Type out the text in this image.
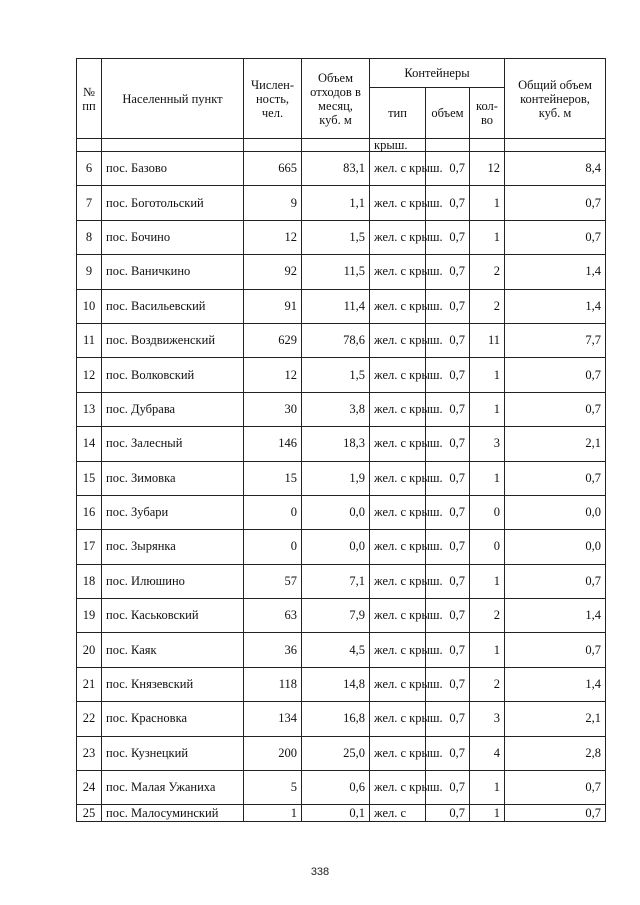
№ пп	Населенный пункт	Числен-ность, чел.	Объем отходов в месяц, куб. м	Контейнеры			Общий объем контейнеров, куб. м
				тип	объем	кол-во	
				крыш.			
6	пос. Базово	665	83,1	жел. с крыш.	0,7	12	8,4
7	пос. Боготольский	9	1,1	жел. с крыш.	0,7	1	0,7
8	пос. Бочино	12	1,5	жел. с крыш.	0,7	1	0,7
9	пос. Ваничкино	92	11,5	жел. с крыш.	0,7	2	1,4
10	пос. Васильевский	91	11,4	жел. с крыш.	0,7	2	1,4
11	пос. Воздвиженский	629	78,6	жел. с крыш.	0,7	11	7,7
12	пос. Волковский	12	1,5	жел. с крыш.	0,7	1	0,7
13	пос. Дубрава	30	3,8	жел. с крыш.	0,7	1	0,7
14	пос. Залесный	146	18,3	жел. с крыш.	0,7	3	2,1
15	пос. Зимовка	15	1,9	жел. с крыш.	0,7	1	0,7
16	пос. Зубари	0	0,0	жел. с крыш.	0,7	0	0,0
17	пос. Зырянка	0	0,0	жел. с крыш.	0,7	0	0,0
18	пос. Илюшино	57	7,1	жел. с крыш.	0,7	1	0,7
19	пос. Каськовский	63	7,9	жел. с крыш.	0,7	2	1,4
20	пос. Каяк	36	4,5	жел. с крыш.	0,7	1	0,7
21	пос. Князевский	118	14,8	жел. с крыш.	0,7	2	1,4
22	пос. Красновка	134	16,8	жел. с крыш.	0,7	3	2,1
23	пос. Кузнецкий	200	25,0	жел. с крыш.	0,7	4	2,8
24	пос. Малая Ужаниха	5	0,6	жел. с крыш.	0,7	1	0,7
25	пос. Малосуминский	1	0,1	жел. с	0,7	1	0,7
338
